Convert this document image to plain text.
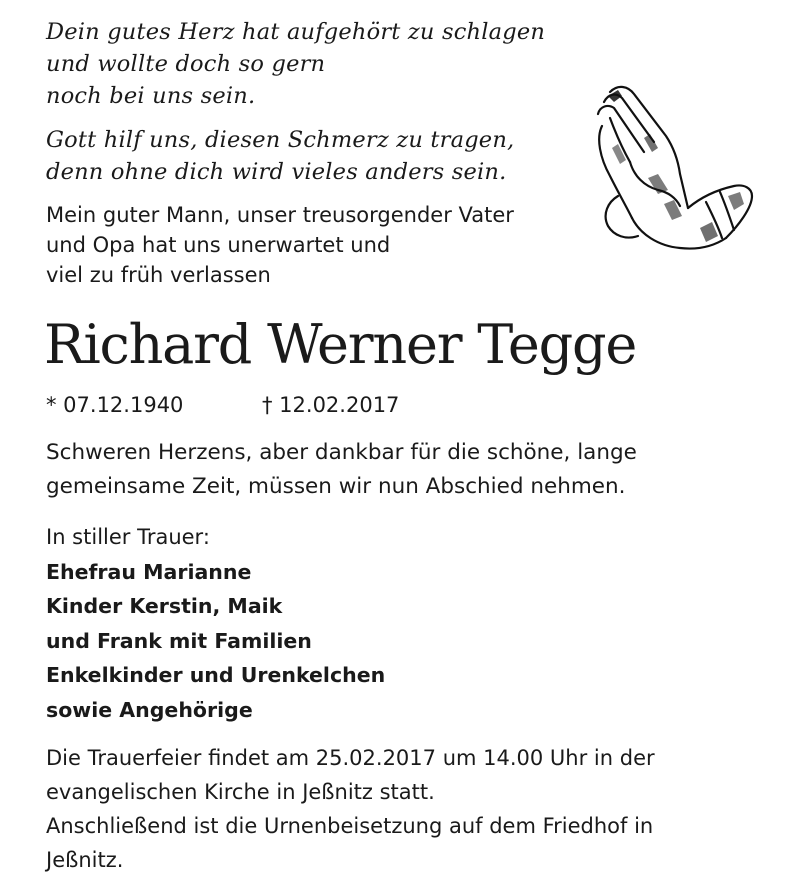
Dein gutes Herz hat aufgehört zu schlagen
und wollte doch so gern
noch bei uns sein.

Gott hilf uns, diesen Schmerz zu tragen,
denn ohne dich wird vieles anders sein.

Mein guter Mann, unser treusorgender Vater
und Opa hat uns unerwartet und
viel zu früh verlassen

Richard Werner Tegge
* 07.12.1940	† 12.02.2017

Schweren Herzens, aber dankbar für die schöne, lange
gemeinsame Zeit, müssen wir nun Abschied nehmen.

In stiller Trauer:
Ehefrau Marianne
Kinder Kerstin, Maik
und Frank mit Familien
Enkelkinder und Urenkelchen
sowie Angehörige

Die Trauerfeier findet am 25.02.2017 um 14.00 Uhr in der
evangelischen Kirche in Jeßnitz statt.
Anschließend ist die Urnenbeisetzung auf dem Friedhof in
Jeßnitz.
